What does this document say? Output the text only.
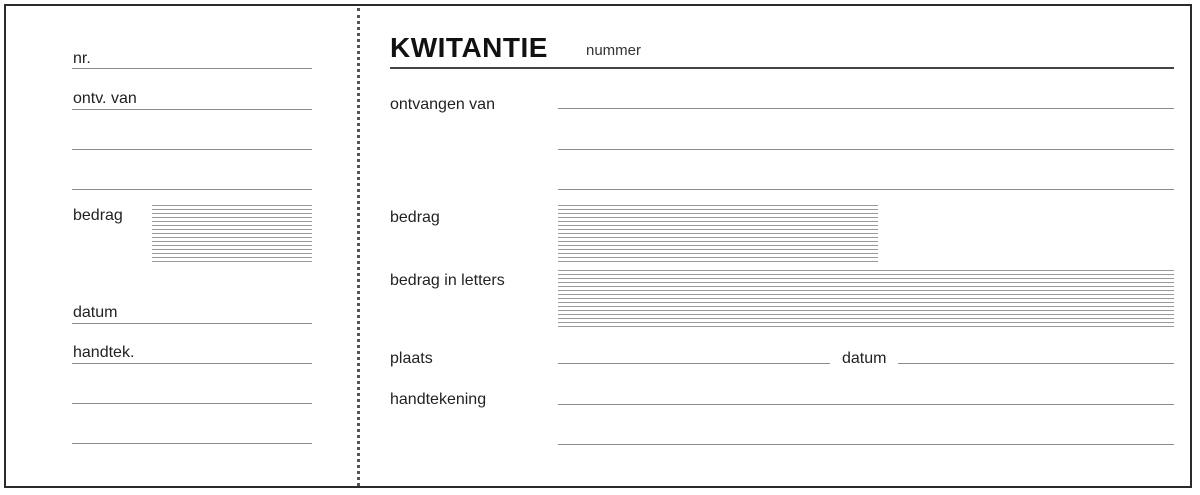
nr.
ontv. van
bedrag
datum
handtek.
KWITANTIE	nummer
ontvangen van
bedrag
bedrag in letters
plaats	datum
handtekening
